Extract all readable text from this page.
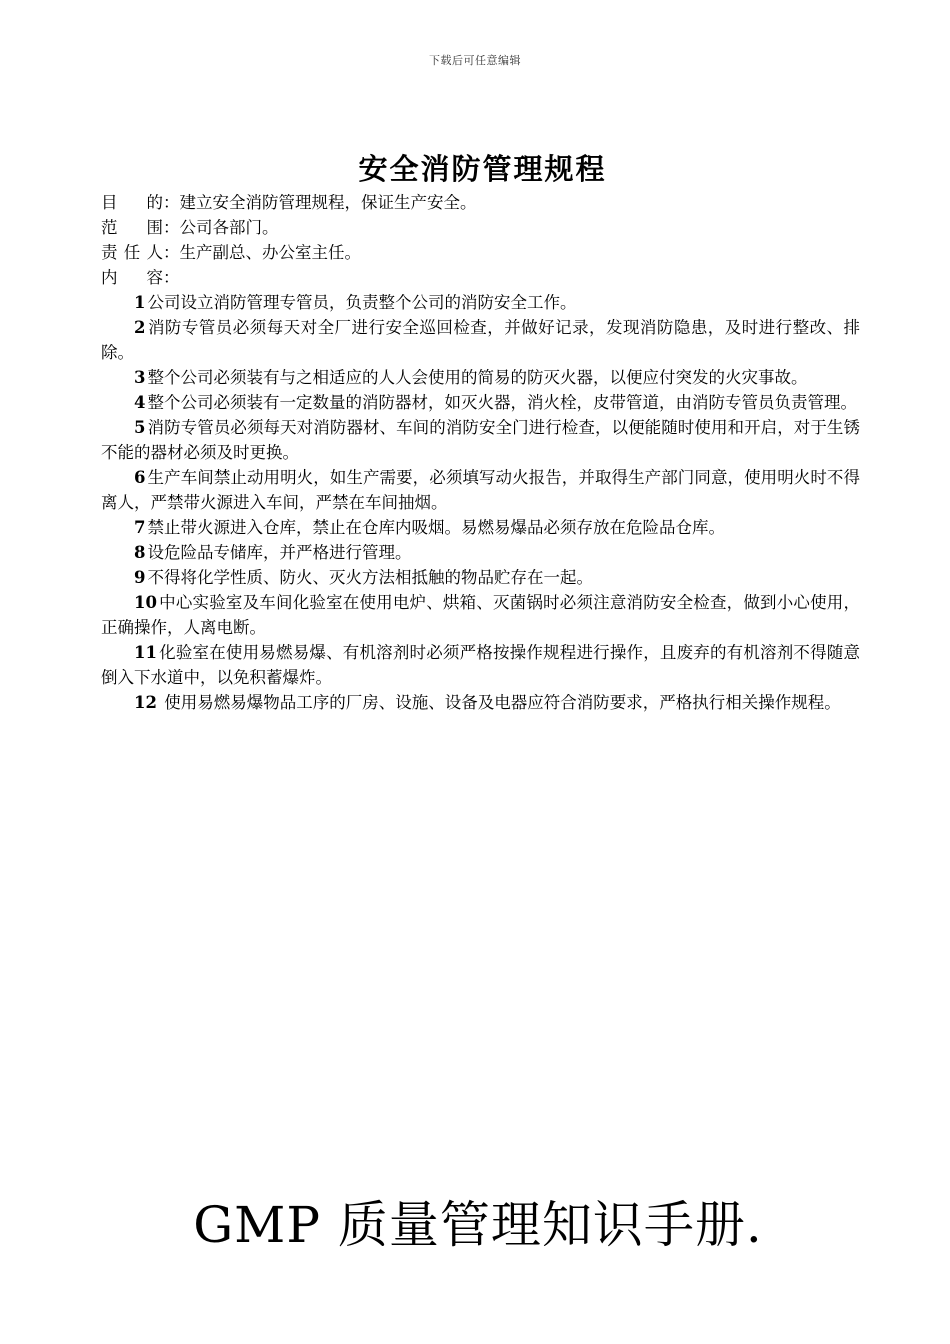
下载后可任意编辑
安全消防管理规程
目 的：建立安全消防管理规程，保证生产安全。
范 围：公司各部门。
责任人：生产副总、办公室主任。
内 容：
1 公司设立消防管理专管员，负责整个公司的消防安全工作。
2 消防专管员必须每天对全厂进行安全巡回检查，并做好记录，发现消防隐患，及时进行整改、排除。
3 整个公司必须装有与之相适应的人人会使用的简易的防灭火器，以便应付突发的火灾事故。
4 整个公司必须装有一定数量的消防器材，如灭火器，消火栓，皮带管道，由消防专管员负责管理。
5 消防专管员必须每天对消防器材、车间的消防安全门进行检查，以便能随时使用和开启，对于生锈不能的器材必须及时更换。
6 生产车间禁止动用明火，如生产需要，必须填写动火报告，并取得生产部门同意，使用明火时不得离人，严禁带火源进入车间，严禁在车间抽烟。
7 禁止带火源进入仓库，禁止在仓库内吸烟。易燃易爆品必须存放在危险品仓库。
8 设危险品专储库，并严格进行管理。
9 不得将化学性质、防火、灭火方法相抵触的物品贮存在一起。
10 中心实验室及车间化验室在使用电炉、烘箱、灭菌锅时必须注意消防安全检查，做到小心使用，正确操作，人离电断。
11 化验室在使用易燃易爆、有机溶剂时必须严格按操作规程进行操作，且废弃的有机溶剂不得随意倒入下水道中，以免积蓄爆炸。
12 使用易燃易爆物品工序的厂房、设施、设备及电器应符合消防要求，严格执行相关操作规程。
GMP 质量管理知识手册.
